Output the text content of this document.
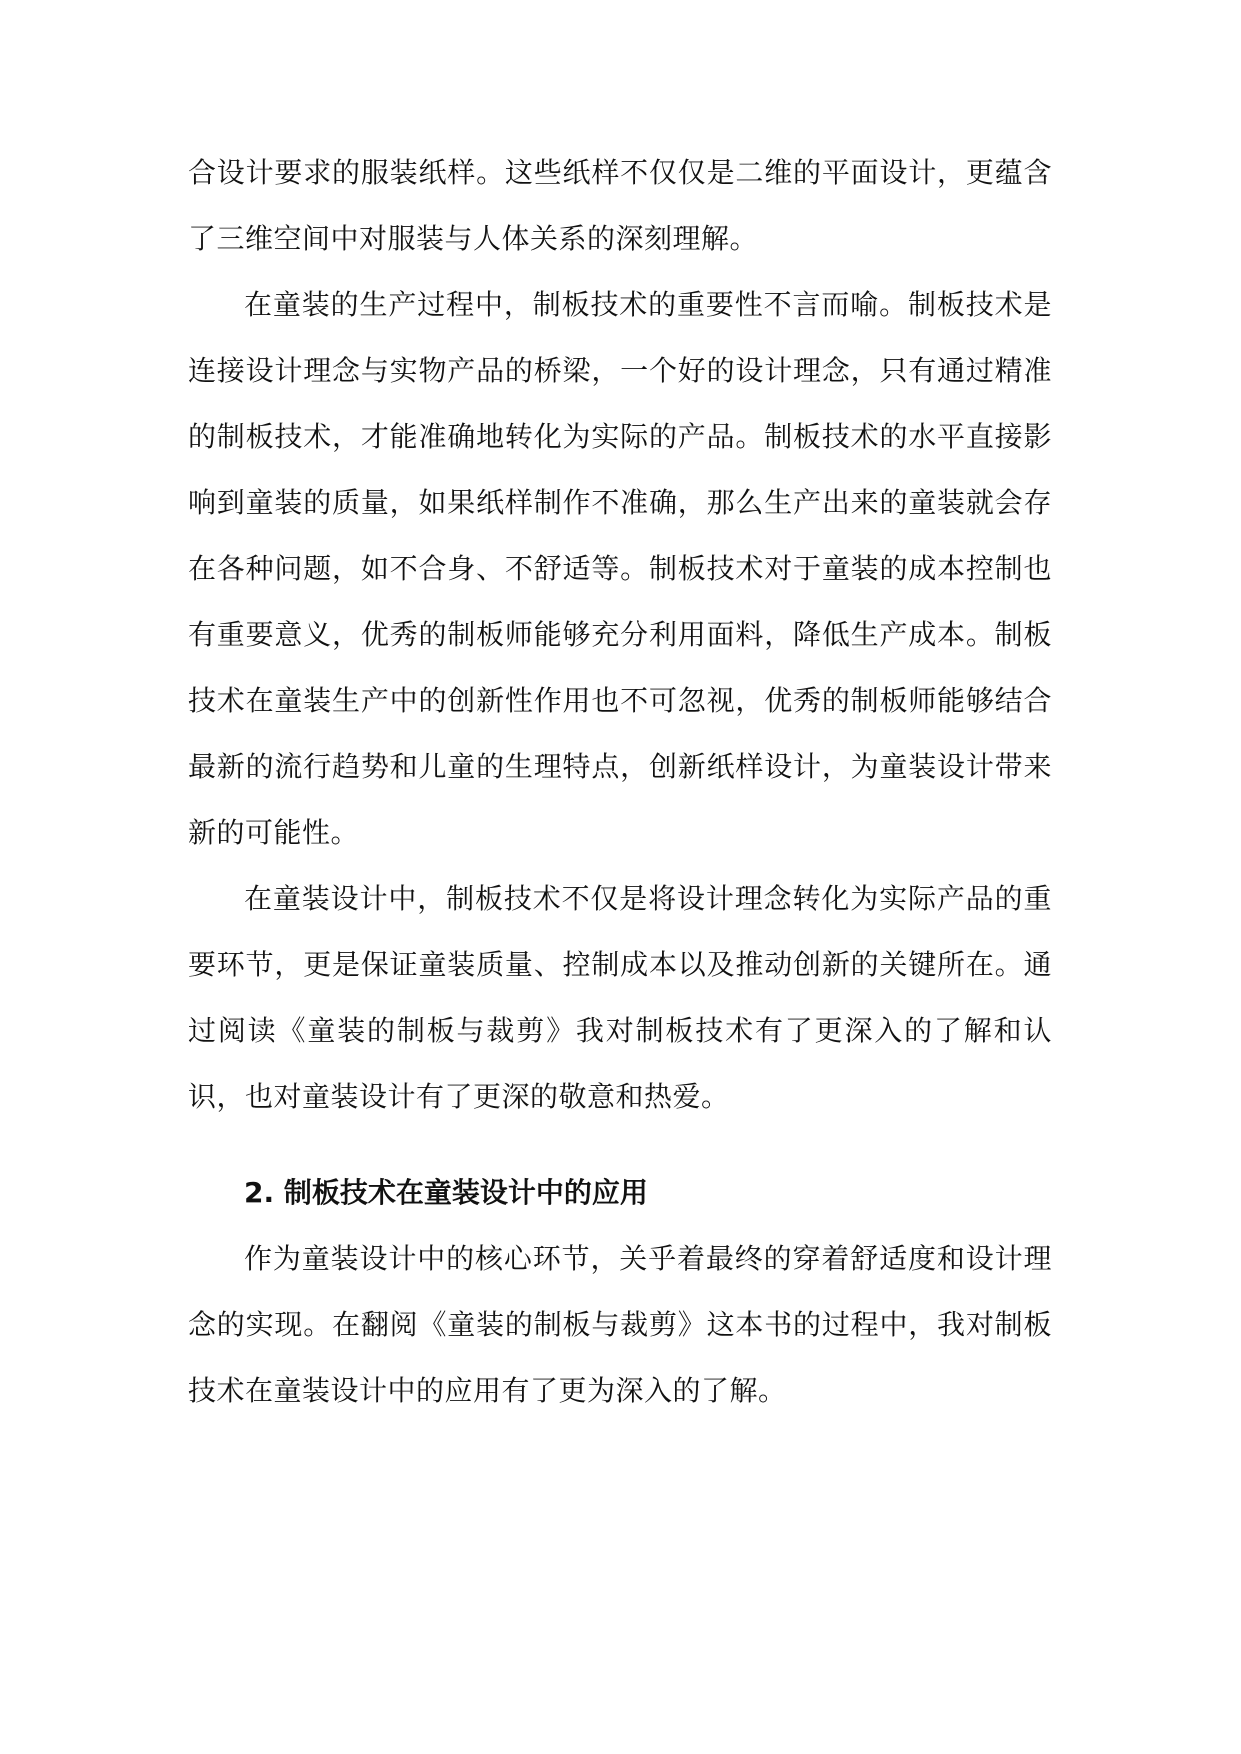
合设计要求的服装纸样。这些纸样不仅仅是二维的平面设计，更蕴含了三维空间中对服装与人体关系的深刻理解。

在童装的生产过程中，制板技术的重要性不言而喻。制板技术是连接设计理念与实物产品的桥梁，一个好的设计理念，只有通过精准的制板技术，才能准确地转化为实际的产品。制板技术的水平直接影响到童装的质量，如果纸样制作不准确，那么生产出来的童装就会存在各种问题，如不合身、不舒适等。制板技术对于童装的成本控制也有重要意义，优秀的制板师能够充分利用面料，降低生产成本。制板技术在童装生产中的创新性作用也不可忽视，优秀的制板师能够结合最新的流行趋势和儿童的生理特点，创新纸样设计，为童装设计带来新的可能性。

在童装设计中，制板技术不仅是将设计理念转化为实际产品的重要环节，更是保证童装质量、控制成本以及推动创新的关键所在。通过阅读《童装的制板与裁剪》我对制板技术有了更深入的了解和认识，也对童装设计有了更深的敬意和热爱。

2. 制板技术在童装设计中的应用

作为童装设计中的核心环节，关乎着最终的穿着舒适度和设计理念的实现。在翻阅《童装的制板与裁剪》这本书的过程中，我对制板技术在童装设计中的应用有了更为深入的了解。
